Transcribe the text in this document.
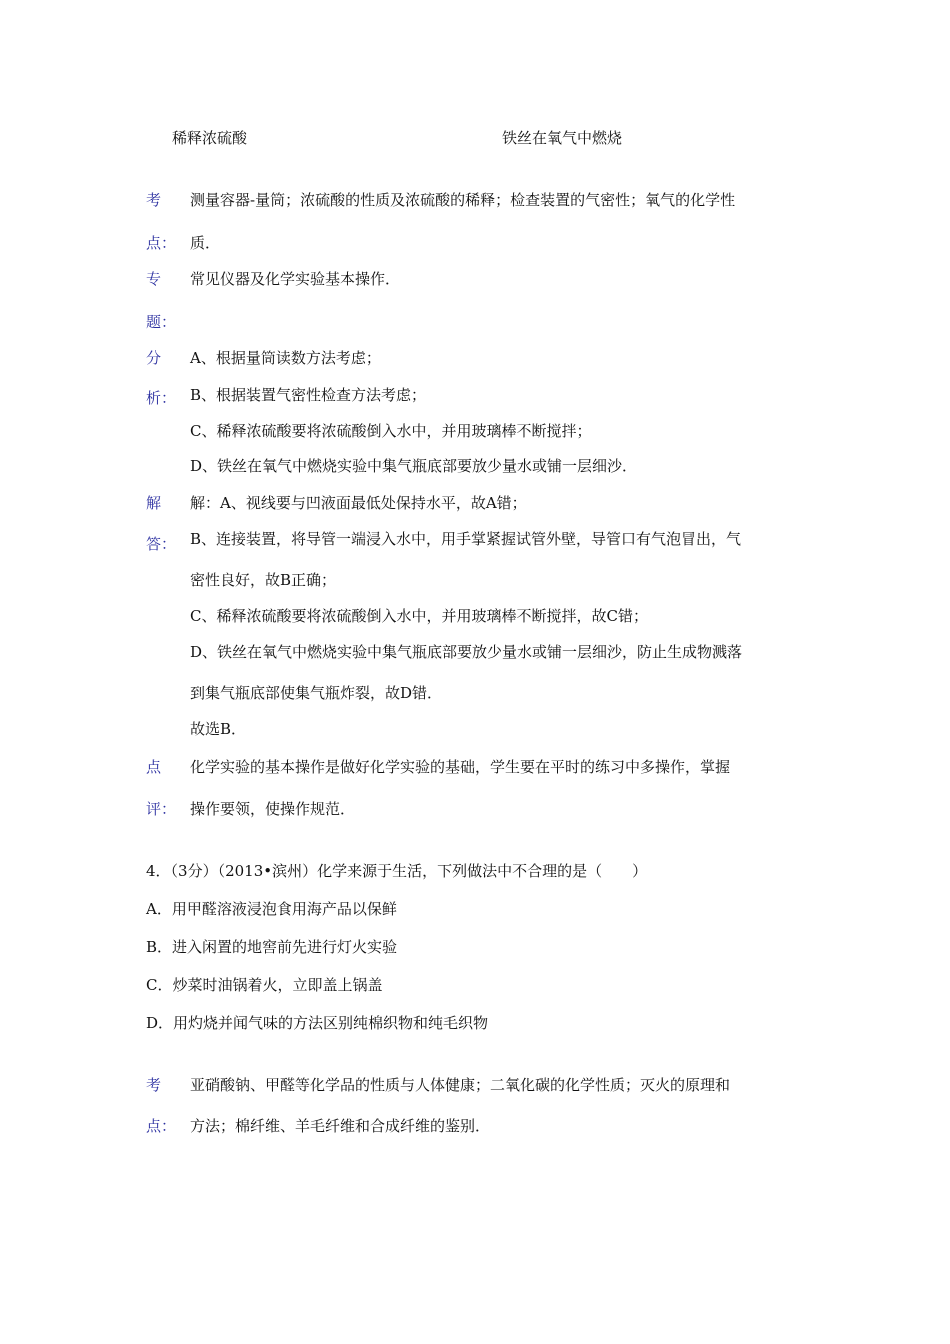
稀释浓硫酸	铁丝在氧气中燃烧
考	测量容器-量筒；浓硫酸的性质及浓硫酸的稀释；检查装置的气密性；氧气的化学性
点： 质．
专	常见仪器及化学实验基本操作．
题：
分	A、根据量筒读数方法考虑；
析： B、根据装置气密性检查方法考虑；
C、稀释浓硫酸要将浓硫酸倒入水中，并用玻璃棒不断搅拌；
D、铁丝在氧气中燃烧实验中集气瓶底部要放少量水或铺一层细沙．
解	解：A、视线要与凹液面最低处保持水平，故A错；
答： B、连接装置，将导管一端浸入水中，用手掌紧握试管外壁，导管口有气泡冒出，气
密性良好，故B正确；
C、稀释浓硫酸要将浓硫酸倒入水中，并用玻璃棒不断搅拌，故C错；
D、铁丝在氧气中燃烧实验中集气瓶底部要放少量水或铺一层细沙，防止生成物溅落
到集气瓶底部使集气瓶炸裂，故D错．
故选B．
点	化学实验的基本操作是做好化学实验的基础，学生要在平时的练习中多操作，掌握
评： 操作要领，使操作规范．
4．（3分）（2013•滨州）化学来源于生活，下列做法中不合理的是（　　）
A．用甲醛溶液浸泡食用海产品以保鲜
B．进入闲置的地窖前先进行灯火实验
C．炒菜时油锅着火，立即盖上锅盖
D．用灼烧并闻气味的方法区别纯棉织物和纯毛织物
考	亚硝酸钠、甲醛等化学品的性质与人体健康；二氧化碳的化学性质；灭火的原理和
点： 方法；棉纤维、羊毛纤维和合成纤维的鉴别．
